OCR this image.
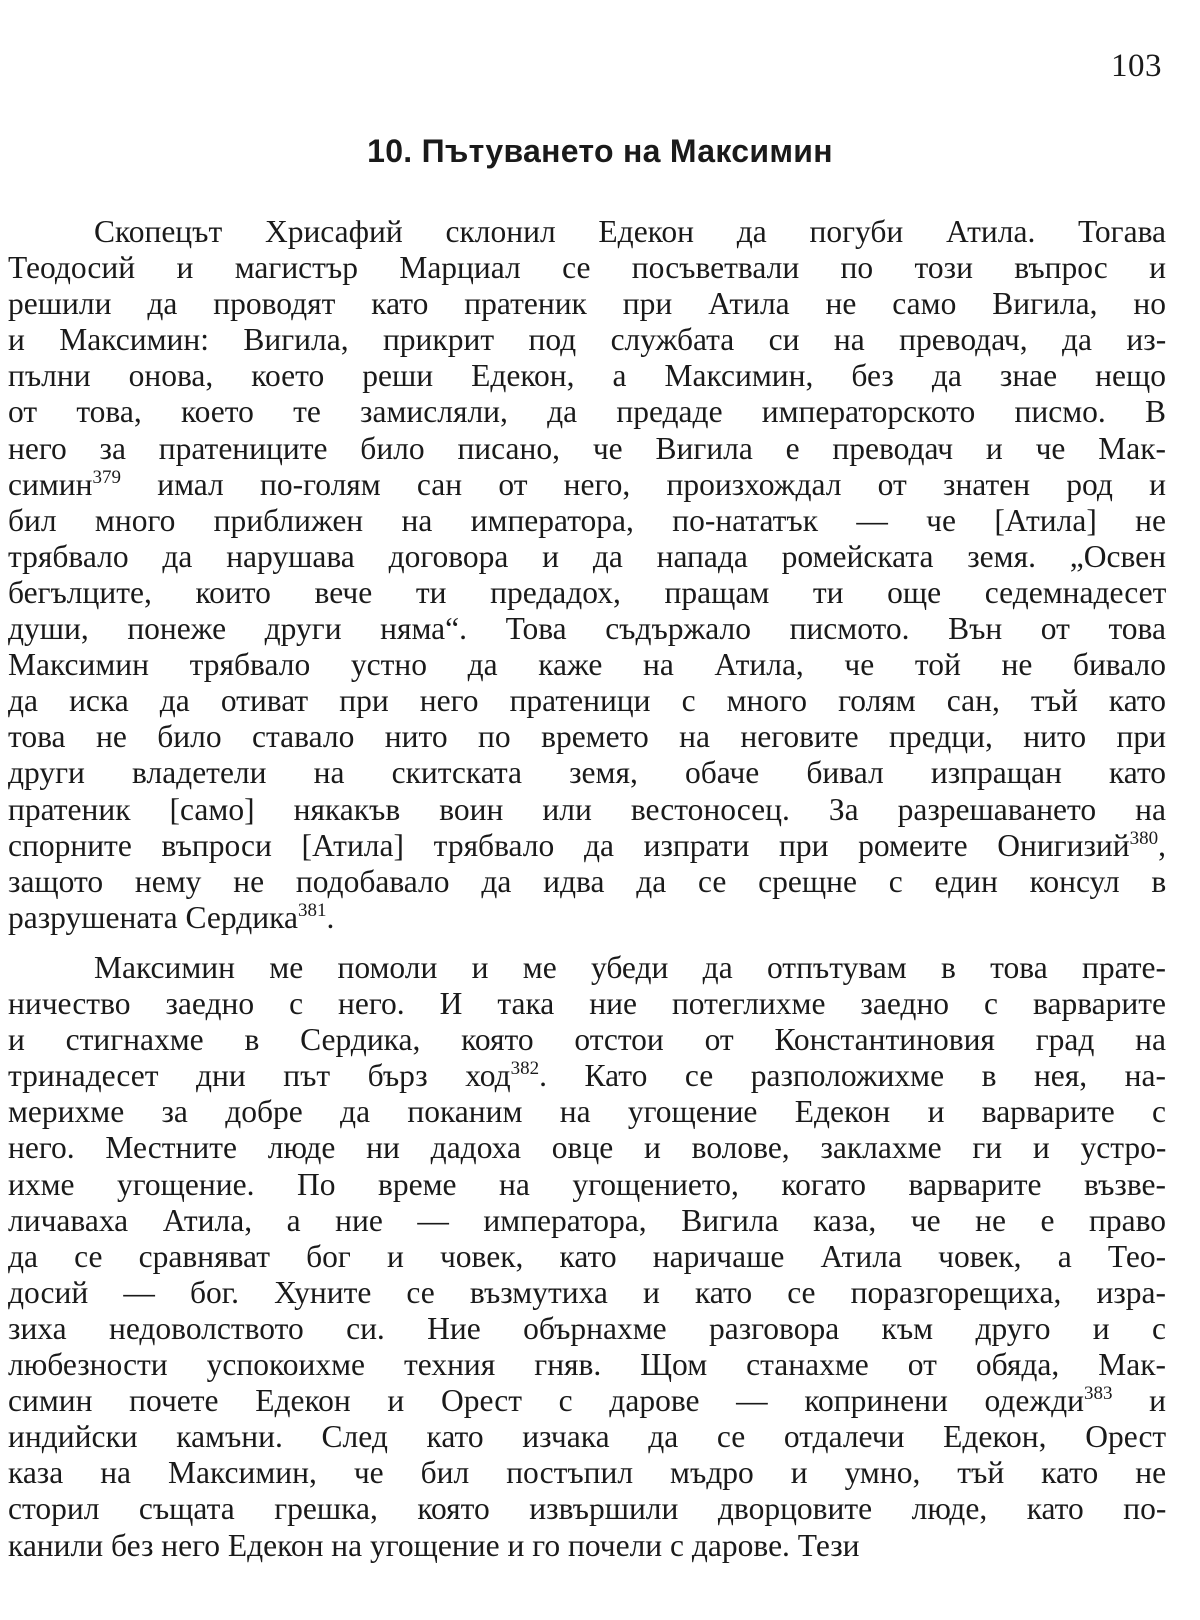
103
10. Пътуването на Максимин
Скопецът Хрисафий склонил Едекон да погуби Атила. Тогава
Теодосий и магистър Марциал се посъветвали по този въпрос и
решили да проводят като пратеник при Атила не само Вигила, но
и Максимин: Вигила, прикрит под службата си на преводач, да из-
пълни онова, което реши Едекон, а Максимин, без да знае нещо
от това, което те замисляли, да предаде императорското писмо. В
него за пратениците било писано, че Вигила е преводач и че Мак-
симин$^{379}$ имал по-голям сан от него, произхождал от знатен род и
бил много приближен на императора, по-нататък — че [Атила] не
трябвало да нарушава договора и да напада ромейската земя. „Освен
бегълците, които вече ти предадох, пращам ти още седемнадесет
души, понеже други няма“. Това съдържало писмото. Вън от това
Максимин трябвало устно да каже на Атила, че той не бивало
да иска да отиват при него пратеници с много голям сан, тъй като
това не било ставало нито по времето на неговите предци, нито при
други владетели на скитската земя, обаче бивал изпращан като
пратеник [само] някакъв воин или вестоносец. За разрешаването на
спорните въпроси [Атила] трябвало да изпрати при ромеите Онигизий$^{380}$,
защото нему не подобавало да идва да се срещне с един консул в
разрушената Сердика$^{381}$.
Максимин ме помоли и ме убеди да отпътувам в това прате-
ничество заедно с него. И така ние потеглихме заедно с варварите
и стигнахме в Сердика, която отстои от Константиновия град на
тринадесет дни път бърз ход$^{382}$. Като се разположихме в нея, на-
мерихме за добре да поканим на угощение Едекон и варварите с
него. Местните люде ни дадоха овце и волове, заклахме ги и устро-
ихме угощение. По време на угощението, когато варварите възве-
личаваха Атила, а ние — императора, Вигила каза, че не е право
да се сравняват бог и човек, като наричаше Атила човек, а Тео-
досий — бог. Хуните се възмутиха и като се поразгорещиха, изра-
зиха недоволството си. Ние обърнахме разговора към друго и с
любезности успокоихме техния гняв. Щом станахме от обяда, Мак-
симин почете Едекон и Орест с дарове — копринени одежди$^{383}$ и
индийски камъни. След като изчака да се отдалечи Едекон, Орест
каза на Максимин, че бил постъпил мъдро и умно, тъй като не
сторил същата грешка, която извършили дворцовите люде, като по-
канили без него Едекон на угощение и го почели с дарове. Тези
